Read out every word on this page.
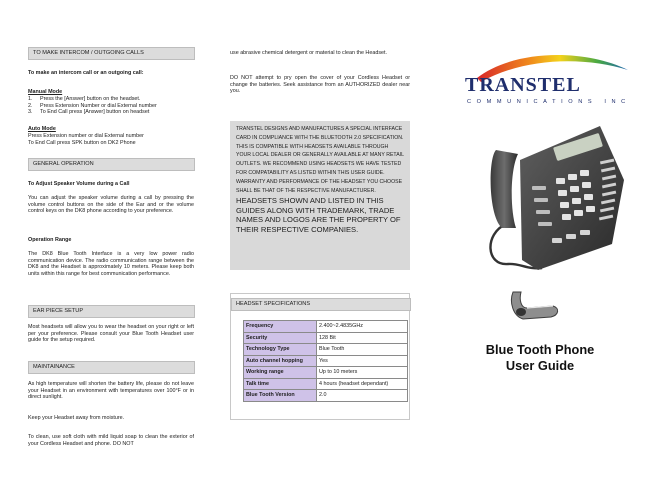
TO MAKE INTERCOM / OUTGOING CALLS

To make an intercom call or an outgoing call:

Manual Mode

1. Press the [Answer] button on the headset.
2. Press Extension Number or dial External number
3. To End Call press [Answer] button on headset

Auto Mode

Press Extension number or dial External number

To End Call press SPK button on DK2 Phone

GENERAL OPERATION

To Adjust Speaker Volume during a Call

You can adjust the speaker volume during a call by pressing the volume control buttons on the side of the Ear and or the volume control keys on the DK8 phone according to your preference.

Operation Range

The DK8 Blue Tooth Interface is a very low power radio communication device. The radio communication range between the DK8 and the Headset is approximately 10 meters. Please keep both units within this range for best communication performance.

EAR PIECE SETUP

Most headsets will allow you to wear the headset on your right or left per your preference. Please consult your Blue Tooth Headset user guide for the setup required.

MAINTAINANCE

As high temperature will shorten the battery life, please do not leave your Headset in an environment with temperatures over 100°F or in direct sunlight.

Keep your Headset away from moisture.

To clean, use soft cloth with mild liquid soap to clean the exterior of your Cordless Headset and phone. DO NOT

use abrasive chemical detergent or material to clean the Headset.

DO NOT attempt to pry open the cover of your Cordless Headset or change the batteries. Seek assistance from an AUTHORIZED dealer near you.

TRANSTEL DESIGNS AND MANUFACTURES A SPECIAL INTERFACE CARD IN COMPLIANCE WITH THE BLUETOOTH 2.0 SPECIFICATION. THIS IS COMPATIBLE WITH HEADSETS AVAILABLE THROUGH YOUR LOCAL DEALER OR GENERALLY AVAILABLE AT MANY RETAIL OUTLETS. WE RECOMMEND USING HEADSETS WE HAVE TESTED FOR COMPATABILITY AS LISTED WITHIN THIS USER GUIDE. WARRANTY AND PERFORMANCE OF THE HEADSET YOU CHOOSE SHALL BE THAT OF THE RESPECTIVE MANUFACTURER.

HEADSETS SHOWN AND LISTED IN THIS GUIDES ALONG WITH TRADEMARK, TRADE NAMES AND LOGOS ARE THE PROPERTY OF THEIR RESPECTIVE COMPANIES.

HEADSET SPECIFICATIONS
Frequency	2.400~2.4835GHz
Security	128 Bit
Technology Type	Blue Tooth
Auto channel hopping	Yes
Working range	Up to 10 meters
Talk time	4 hours (headset dependant)
Blue Tooth Version	2.0
TRANSTEL
COMMUNICATIONS INC
Blue Tooth Phone
User Guide
